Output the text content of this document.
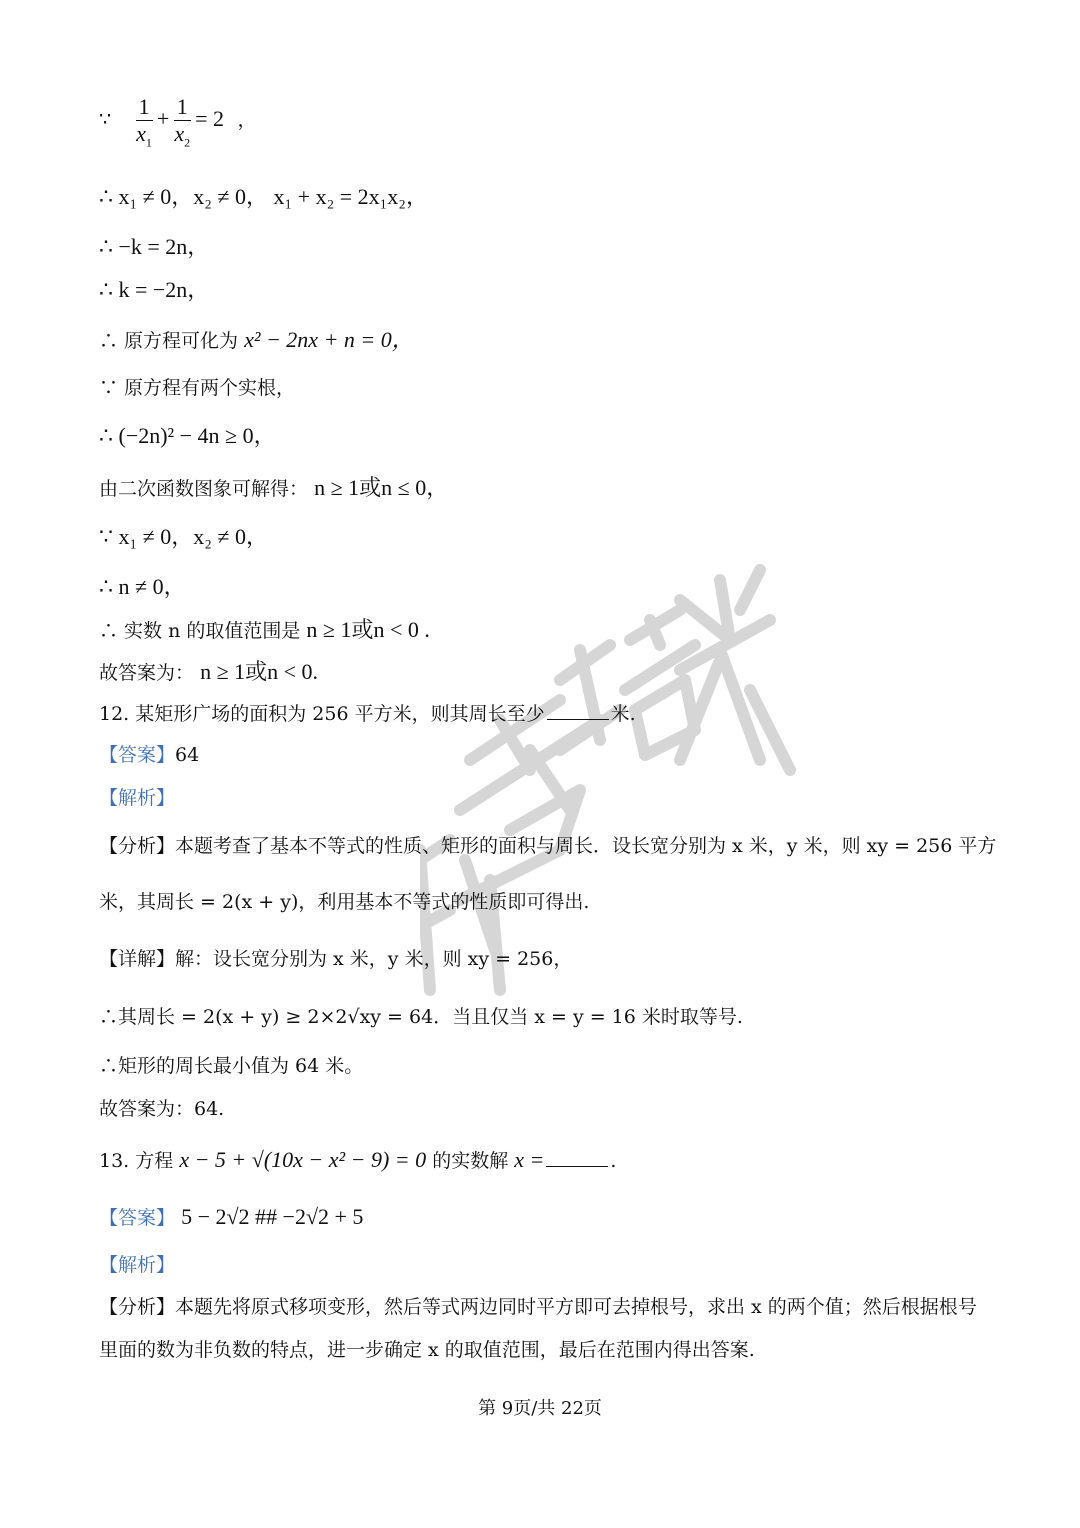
∵ $\frac{1}{x_1} + \frac{1}{x_2} = 2$ ，
∴ x₁ ≠ 0，x₂ ≠ 0， x₁ + x₂ = 2x₁x₂，
∴ −k = 2n，
∴ k = −2n，
∴ 原方程可化为 x² − 2nx + n = 0，
∵ 原方程有两个实根，
∴ (−2n)² − 4n ≥ 0，
由二次函数图象可解得： n ≥ 1或n ≤ 0，
∵ x₁ ≠ 0，x₂ ≠ 0，
∴ n ≠ 0，
∴ 实数 n 的取值范围是 n ≥ 1或n < 0 .
故答案为： n ≥ 1或n < 0.
12. 某矩形广场的面积为 256 平方米，则其周长至少	米.
【答案】64
【解析】
【分析】本题考查了基本不等式的性质、矩形的面积与周长．设长宽分别为 x 米，y 米，则 xy = 256 平方
米，其周长 = 2(x + y)，利用基本不等式的性质即可得出.
【详解】解：设长宽分别为 x 米，y 米，则 xy = 256，
∴其周长 = 2(x + y) ≥ 2×2√xy = 64．当且仅当 x = y = 16 米时取等号.
∴矩形的周长最小值为 64 米。
故答案为：64.
13. 方程 x − 5 + √(10x − x² − 9) = 0 的实数解 x =	.
【答案】 5 − 2√2 ## −2√2 + 5
【解析】
【分析】本题先将原式移项变形，然后等式两边同时平方即可去掉根号，求出 x 的两个值；然后根据根号
里面的数为非负数的特点，进一步确定 x 的取值范围，最后在范围内得出答案.
第 9页/共 22页
